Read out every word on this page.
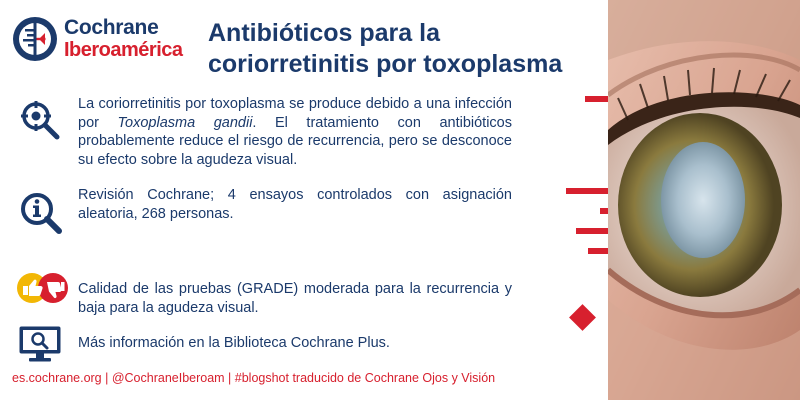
Cochrane
Iberoamérica
Antibióticos para la coriorretinitis por toxoplasma

La coriorretinitis por toxoplasma se produce debido a una infección por Toxoplasma gandii. El tratamiento con antibióticos probablemente reduce el riesgo de recurrencia, pero se desconoce su efecto sobre la agudeza visual.

Revisión Cochrane; 4 ensayos controlados con asignación aleatoria, 268 personas.

Calidad de las pruebas (GRADE) moderada para la recurrencia y baja para la agudeza visual.

Más información en la Biblioteca Cochrane Plus.

es.cochrane.org | @CochraneIberoam | #blogshot traducido de Cochrane Ojos y Visión
